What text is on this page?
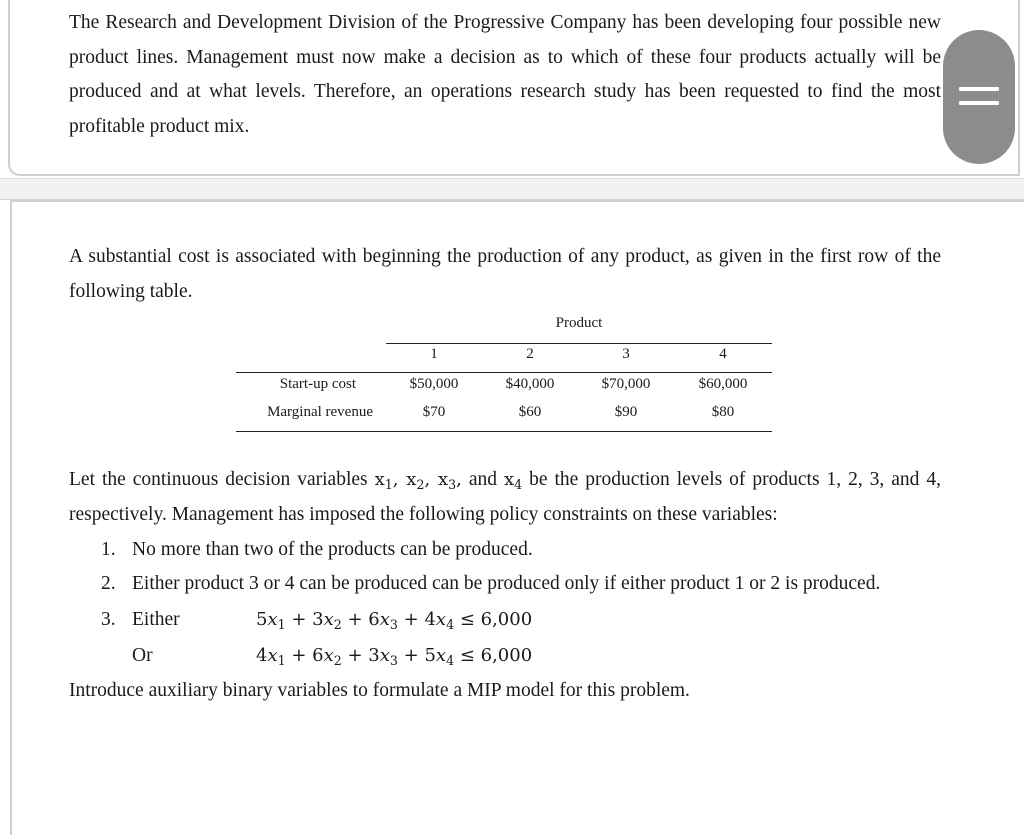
The Research and Development Division of the Progressive Company has been developing four possible new product lines. Management must now make a decision as to which of these four products actually will be produced and at what levels. Therefore, an operations research study has been requested to find the most profitable product mix.

A substantial cost is associated with beginning the production of any product, as given in the first row of the following table.

Product
1	2	3	4
Start-up cost	$50,000	$40,000	$70,000	$60,000
Marginal revenue	$70	$60	$90	$80

Let the continuous decision variables $x_1$, $x_2$, $x_3$, and $x_4$ be the production levels of products 1, 2, 3, and 4, respectively. Management has imposed the following policy constraints on these variables:

1. No more than two of the products can be produced.
2. Either product 3 or 4 can be produced can be produced only if either product 1 or 2 is produced.
3. Either	$5x_1 + 3x_2 + 6x_3 + 4x_4 \le 6,000$
Or	$4x_1 + 6x_2 + 3x_3 + 5x_4 \le 6,000$
Introduce auxiliary binary variables to formulate a MIP model for this problem.
